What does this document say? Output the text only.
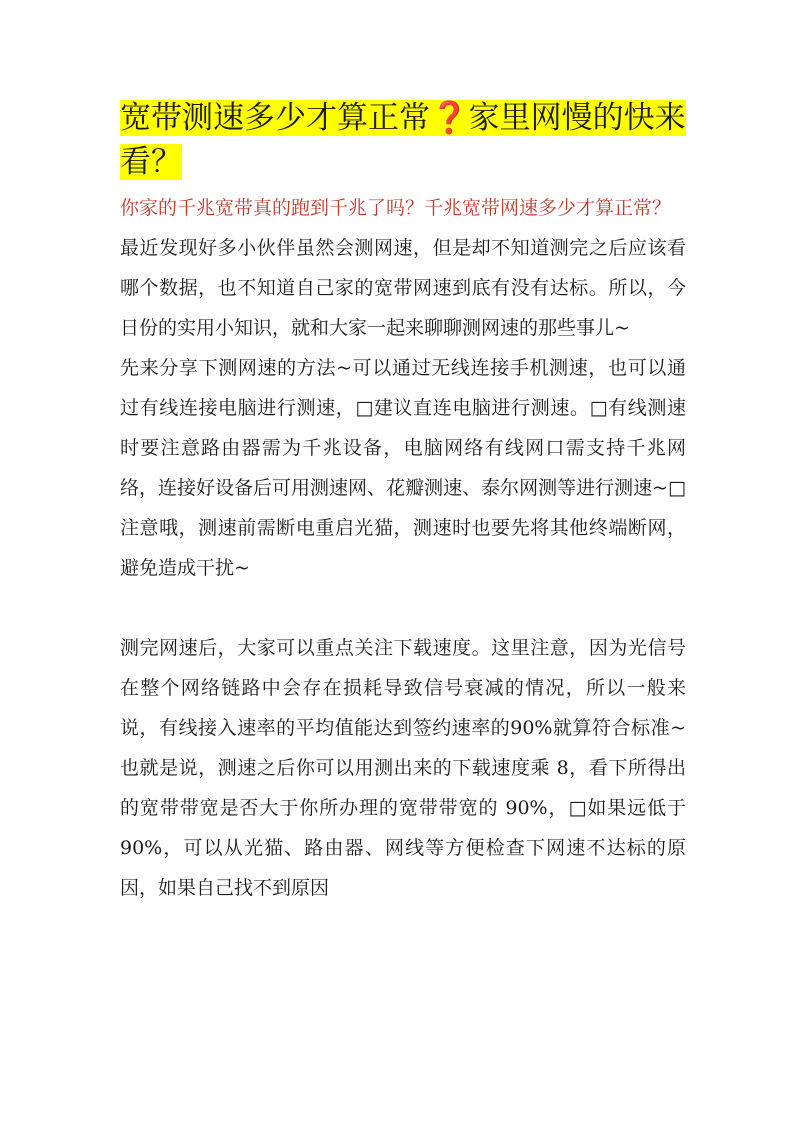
宽带测速多少才算正常❓家里网慢的快来看？

你家的千兆宽带真的跑到千兆了吗？千兆宽带网速多少才算正常？

最近发现好多小伙伴虽然会测网速，但是却不知道测完之后应该看哪个数据，也不知道自己家的宽带网速到底有没有达标。所以，今日份的实用小知识，就和大家一起来聊聊测网速的那些事儿~

先来分享下测网速的方法~可以通过无线连接手机测速，也可以通过有线连接电脑进行测速，□建议直连电脑进行测速。□有线测速时要注意路由器需为千兆设备，电脑网络有线网口需支持千兆网络，连接好设备后可用测速网、花瓣测速、泰尔网测等进行测速~□注意哦，测速前需断电重启光猫，测速时也要先将其他终端断网，避免造成干扰~

测完网速后，大家可以重点关注下载速度。这里注意，因为光信号在整个网络链路中会存在损耗导致信号衰减的情况，所以一般来说，有线接入速率的平均值能达到签约速率的90%就算符合标准~也就是说，测速之后你可以用测出来的下载速度乘 8，看下所得出的宽带带宽是否大于你所办理的宽带带宽的 90%，□如果远低于 90%，可以从光猫、路由器、网线等方便检查下网速不达标的原因，如果自己找不到原因
